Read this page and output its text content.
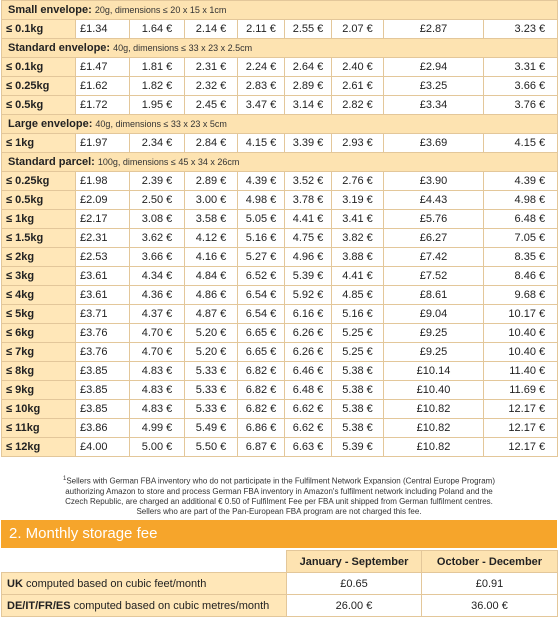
Small envelope: 20g, dimensions ≤ 20 x 15 x 1cm								
≤ 0.1kg	£1.34	1.64 €	2.14 €	2.11 €	2.55 €	2.07 €	£2.87	3.23 €
Standard envelope: 40g, dimensions ≤ 33 x 23 x 2.5cm								
≤ 0.1kg	£1.47	1.81 €	2.31 €	2.24 €	2.64 €	2.40 €	£2.94	3.31 €
≤ 0.25kg	£1.62	1.82 €	2.32 €	2.83 €	2.89 €	2.61 €	£3.25	3.66 €
≤ 0.5kg	£1.72	1.95 €	2.45 €	3.47 €	3.14 €	2.82 €	£3.34	3.76 €
Large envelope: 40g, dimensions ≤ 33 x 23 x 5cm								
≤ 1kg	£1.97	2.34 €	2.84 €	4.15 €	3.39 €	2.93 €	£3.69	4.15 €
Standard parcel: 100g, dimensions ≤ 45 x 34 x 26cm								
≤ 0.25kg	£1.98	2.39 €	2.89 €	4.39 €	3.52 €	2.76 €	£3.90	4.39 €
≤ 0.5kg	£2.09	2.50 €	3.00 €	4.98 €	3.78 €	3.19 €	£4.43	4.98 €
≤ 1kg	£2.17	3.08 €	3.58 €	5.05 €	4.41 €	3.41 €	£5.76	6.48 €
≤ 1.5kg	£2.31	3.62 €	4.12 €	5.16 €	4.75 €	3.82 €	£6.27	7.05 €
≤ 2kg	£2.53	3.66 €	4.16 €	5.27 €	4.96 €	3.88 €	£7.42	8.35 €
≤ 3kg	£3.61	4.34 €	4.84 €	6.52 €	5.39 €	4.41 €	£7.52	8.46 €
≤ 4kg	£3.61	4.36 €	4.86 €	6.54 €	5.92 €	4.85 €	£8.61	9.68 €
≤ 5kg	£3.71	4.37 €	4.87 €	6.54 €	6.16 €	5.16 €	£9.04	10.17 €
≤ 6kg	£3.76	4.70 €	5.20 €	6.65 €	6.26 €	5.25 €	£9.25	10.40 €
≤ 7kg	£3.76	4.70 €	5.20 €	6.65 €	6.26 €	5.25 €	£9.25	10.40 €
≤ 8kg	£3.85	4.83 €	5.33 €	6.82 €	6.46 €	5.38 €	£10.14	11.40 €
≤ 9kg	£3.85	4.83 €	5.33 €	6.82 €	6.48 €	5.38 €	£10.40	11.69 €
≤ 10kg	£3.85	4.83 €	5.33 €	6.82 €	6.62 €	5.38 €	£10.82	12.17 €
≤ 11kg	£3.86	4.99 €	5.49 €	6.86 €	6.62 €	5.38 €	£10.82	12.17 €
≤ 12kg	£4.00	5.00 €	5.50 €	6.87 €	6.63 €	5.39 €	£10.82	12.17 €
$^1$Sellers with German FBA inventory who do not participate in the Fulfilment Network Expansion (Central Europe Program)
authorizing Amazon to store and process German FBA inventory in Amazon's fulfilment network including Poland and the
Czech Republic, are charged an additional € 0.50 of Fulfilment Fee per FBA unit shipped from German fulfilment centres.
Sellers who are part of the Pan-European FBA program are not charged this fee.
2. Monthly storage fee
	January - September	October - December
UK computed based on cubic feet/month	£0.65	£0.91
DE/IT/FR/ES computed based on cubic metres/month	26.00 €	36.00 €
